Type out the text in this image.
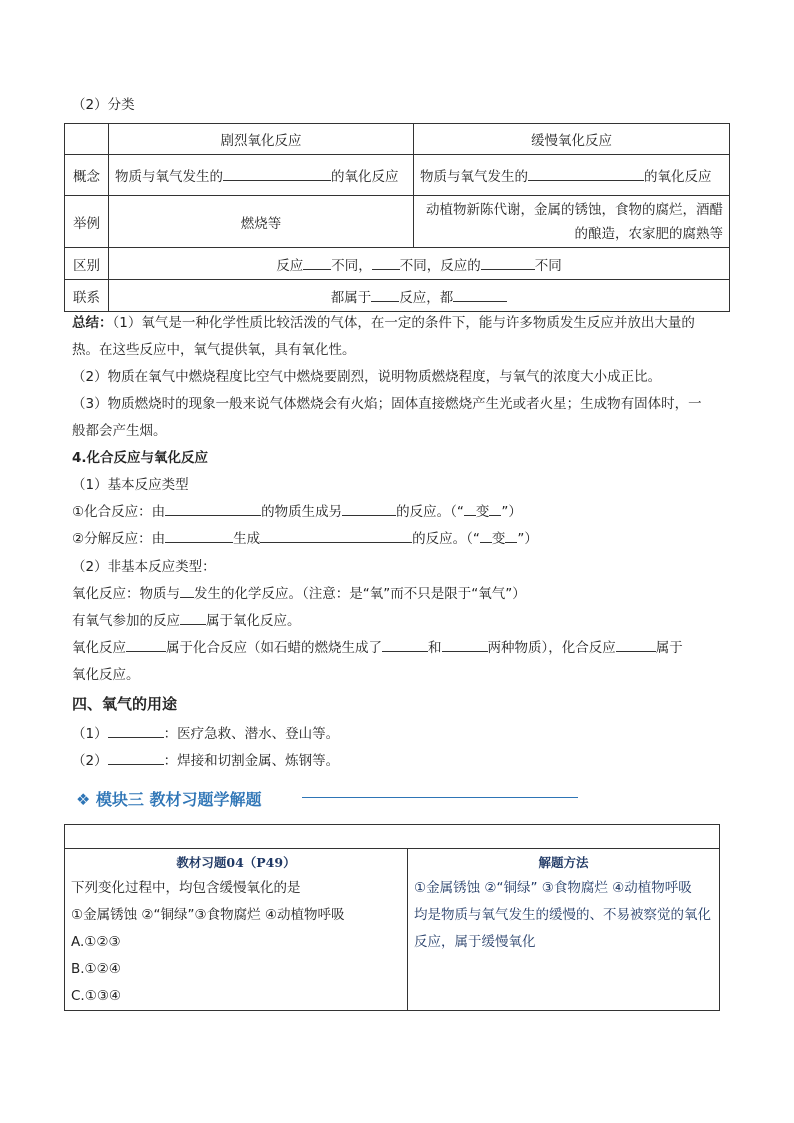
（2）分类
	剧烈氧化反应	缓慢氧化反应
概念	物质与氧气发生的 的氧化反应	物质与氧气发生的 的氧化反应
举例	燃烧等	动植物新陈代谢，金属的锈蚀，食物的腐烂，酒醋
的酿造，农家肥的腐熟等

区别	反应 不同， 不同，反应的 不同	
联系	都属于 反应，都	
总结：（1）氧气是一种化学性质比较活泼的气体，在一定的条件下，能与许多物质发生反应并放出大量的
热。在这些反应中，氧气提供氧，具有氧化性。
（2）物质在氧气中燃烧程度比空气中燃烧要剧烈，说明物质燃烧程度，与氧气的浓度大小成正比。
（3）物质燃烧时的现象一般来说气体燃烧会有火焰；固体直接燃烧产生光或者火星；生成物有固体时，一
般都会产生烟。
4.化合反应与氧化反应
（1）基本反应类型
①化合反应：由	的物质生成另	的反应。（“ 变 ”）
②分解反应：由	生成	的反应。（“ 变 ”）
（2）非基本反应类型：
氧化反应：物质与 发生的化学反应。（注意：是“氧”而不只是限于“氧气”）
有氧气参加的反应 属于氧化反应。
氧化反应	属于化合反应（如石蜡的燃烧生成了	和	两种物质），化合反应	属于
氧化反应。
四、氧气的用途
（1）	：医疗急救、潜水、登山等。
（2）	：焊接和切割金属、炼钢等。
❖ 模块三 教材习题学解题

教材习题04（P49）
下列变化过程中，均包含缓慢氧化的是
①金属锈蚀 ②“铜绿”③食物腐烂 ④动植物呼吸
A.①②③
B.①②④
C.①③④

解题方法
①金属锈蚀 ②“铜绿” ③食物腐烂 ④动植物呼吸
均是物质与氧气发生的缓慢的、不易被察觉的氧化
反应，属于缓慢氧化
